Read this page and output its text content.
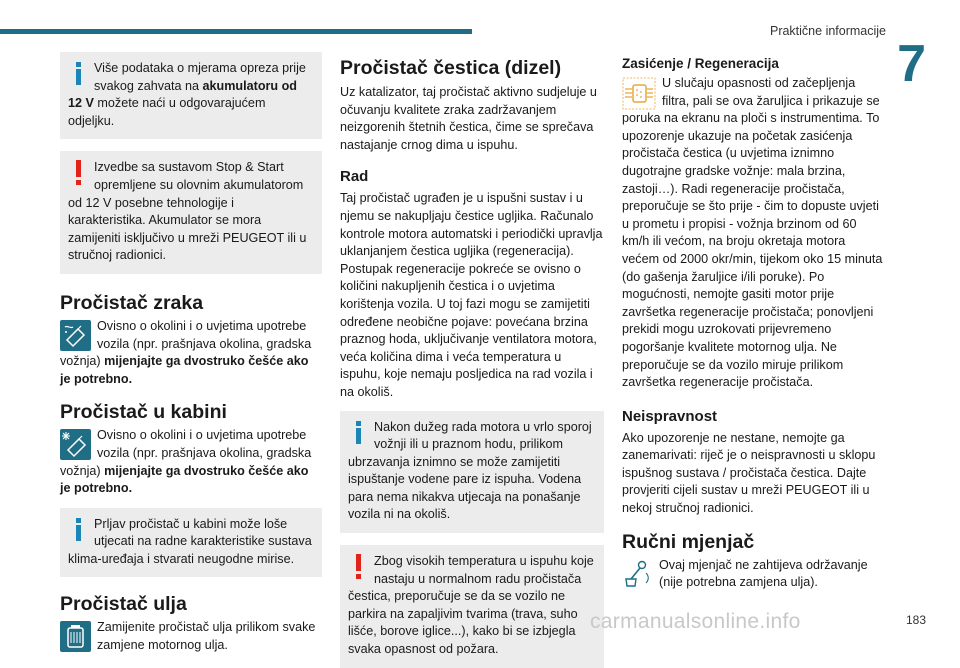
Praktične informacije
7
Više podataka o mjerama opreza prije svakog zahvata na akumulatoru od 12 V možete naći u odgovarajućem odjeljku.
Izvedbe sa sustavom Stop & Start opremljene su olovnim akumulatorom od 12 V posebne tehnologije i karakteristika. Akumulator se mora zamijeniti isključivo u mreži PEUGEOT ili u stručnoj radionici.
Pročistač zraka
Ovisno o okolini i o uvjetima upotrebe vozila (npr. prašnjava okolina, gradska vožnja) mijenjajte ga dvostruko češće ako je potrebno.
Pročistač u kabini
Ovisno o okolini i o uvjetima upotrebe vozila (npr. prašnjava okolina, gradska vožnja) mijenjajte ga dvostruko češće ako je potrebno.
Prljav pročistač u kabini može loše utjecati na radne karakteristike sustava klima-uređaja i stvarati neugodne mirise.
Pročistač ulja
Zamijenite pročistač ulja prilikom svake zamjene motornog ulja.
Pročistač čestica (dizel)

Uz katalizator, taj pročistač aktivno sudjeluje u očuvanju kvalitete zraka zadržavanjem neizgorenih štetnih čestica, čime se sprečava nastajanje crnog dima u ispuhu.

Rad

Taj pročistač ugrađen je u ispušni sustav i u njemu se nakupljaju čestice ugljika. Računalo kontrole motora automatski i periodički upravlja uklanjanjem čestica ugljika (regeneracija). Postupak regeneracije pokreće se ovisno o količini nakupljenih čestica i o uvjetima korištenja vozila. U toj fazi mogu se zamijetiti određene neobične pojave: povećana brzina praznog hoda, uključivanje ventilatora motora, veća količina dima i veća temperatura u ispuhu, koje nemaju posljedica na rad vozila i na okoliš.

Nakon dužeg rada motora u vrlo sporoj vožnji ili u praznom hodu, prilikom ubrzavanja iznimno se može zamijetiti ispuštanje vodene pare iz ispuha. Vodena para nema nikakva utjecaja na ponašanje vozila ni na okoliš.
Zbog visokih temperatura u ispuhu koje nastaju u normalnom radu pročistača čestica, preporučuje se da se vozilo ne parkira na zapaljivim tvarima (trava, suho lišće, borove iglice...), kako bi se izbjegla svaka opasnost od požara.
Zasićenje / Regeneracija
U slučaju opasnosti od začepljenja filtra, pali se ova žaruljica i prikazuje se poruka na ekranu na ploči s instrumentima. To upozorenje ukazuje na početak zasićenja pročistača čestica (u uvjetima iznimno dugotrajne gradske vožnje: mala brzina, zastoji…). Radi regeneracije pročistača, preporučuje se što prije - čim to dopuste uvjeti u prometu i propisi - vožnja brzinom od 60 km/h ili većom, na broju okretaja motora većem od 2000 okr/min, tijekom oko 15 minuta (do gašenja žaruljice i/ili poruke). Po mogućnosti, nemojte gasiti motor prije završetka regeneracije pročistača; ponovljeni prekidi mogu uzrokovati prijevremeno pogoršanje kvalitete motornog ulja. Ne preporučuje se da vozilo miruje prilikom završetka regeneracije pročistača.
Neispravnost

Ako upozorenje ne nestane, nemojte ga zanemarivati: riječ je o neispravnosti u sklopu ispušnog sustava / pročistača čestica. Dajte provjeriti cijeli sustav u mreži PEUGEOT ili u nekoj stručnoj radionici.

Ručni mjenjač
Ovaj mjenjač ne zahtijeva održavanje (nije potrebna zamjena ulja).
carmanualsonline.info	183
